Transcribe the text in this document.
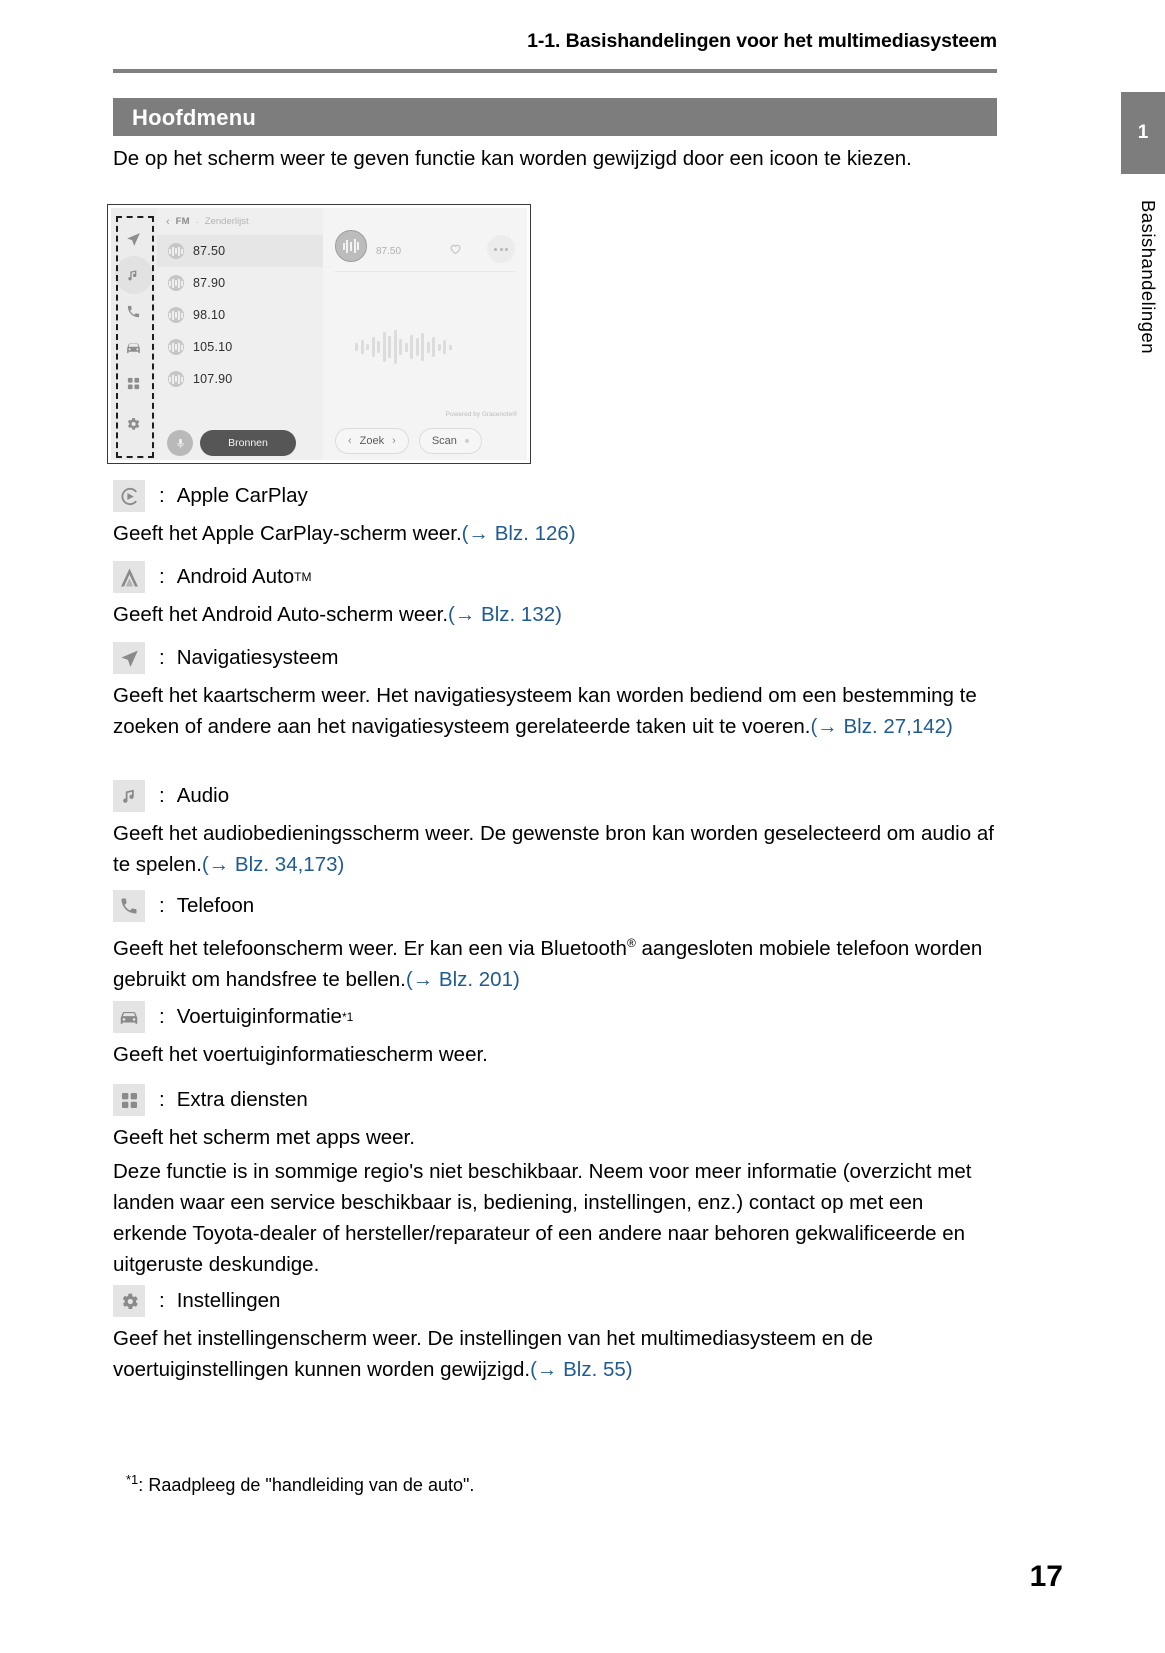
1-1. Basishandelingen voor het multimediasysteem
1
Basishandelingen
Hoofdmenu
De op het scherm weer te geven functie kan worden gewijzigd door een icoon te kiezen.
‹ FM · Zenderlijst
87.50
87.90
98.10
105.10
107.90
Bronnen
87.50
Powered by Gracenote®
‹ Zoek ›	Scan
: Apple CarPlay
Geeft het Apple CarPlay-scherm weer.(→ Blz. 126)
: Android Auto TM
Geeft het Android Auto-scherm weer.(→ Blz. 132)
: Navigatiesysteem
Geeft het kaartscherm weer. Het navigatiesysteem kan worden bediend om een bestemming te zoeken of andere aan het navigatiesysteem gerelateerde taken uit te voeren.(→ Blz. 27,142)
: Audio
Geeft het audiobedieningsscherm weer. De gewenste bron kan worden geselecteerd om audio af te spelen.(→ Blz. 34,173)
: Telefoon
Geeft het telefoonscherm weer. Er kan een via Bluetooth® aangesloten mobiele telefoon worden gebruikt om handsfree te bellen.(→ Blz. 201)
: Voertuiginformatie *1
Geeft het voertuiginformatiescherm weer.
: Extra diensten
Geeft het scherm met apps weer.
Deze functie is in sommige regio's niet beschikbaar. Neem voor meer informatie (overzicht met landen waar een service beschikbaar is, bediening, instellingen, enz.) contact op met een erkende Toyota-dealer of hersteller/reparateur of een andere naar behoren gekwalificeerde en uitgeruste deskundige.
: Instellingen
Geef het instellingenscherm weer. De instellingen van het multimediasysteem en de voertuiginstellingen kunnen worden gewijzigd.(→ Blz. 55)
$^{*1}$: Raadpleeg de "handleiding van de auto".
17
